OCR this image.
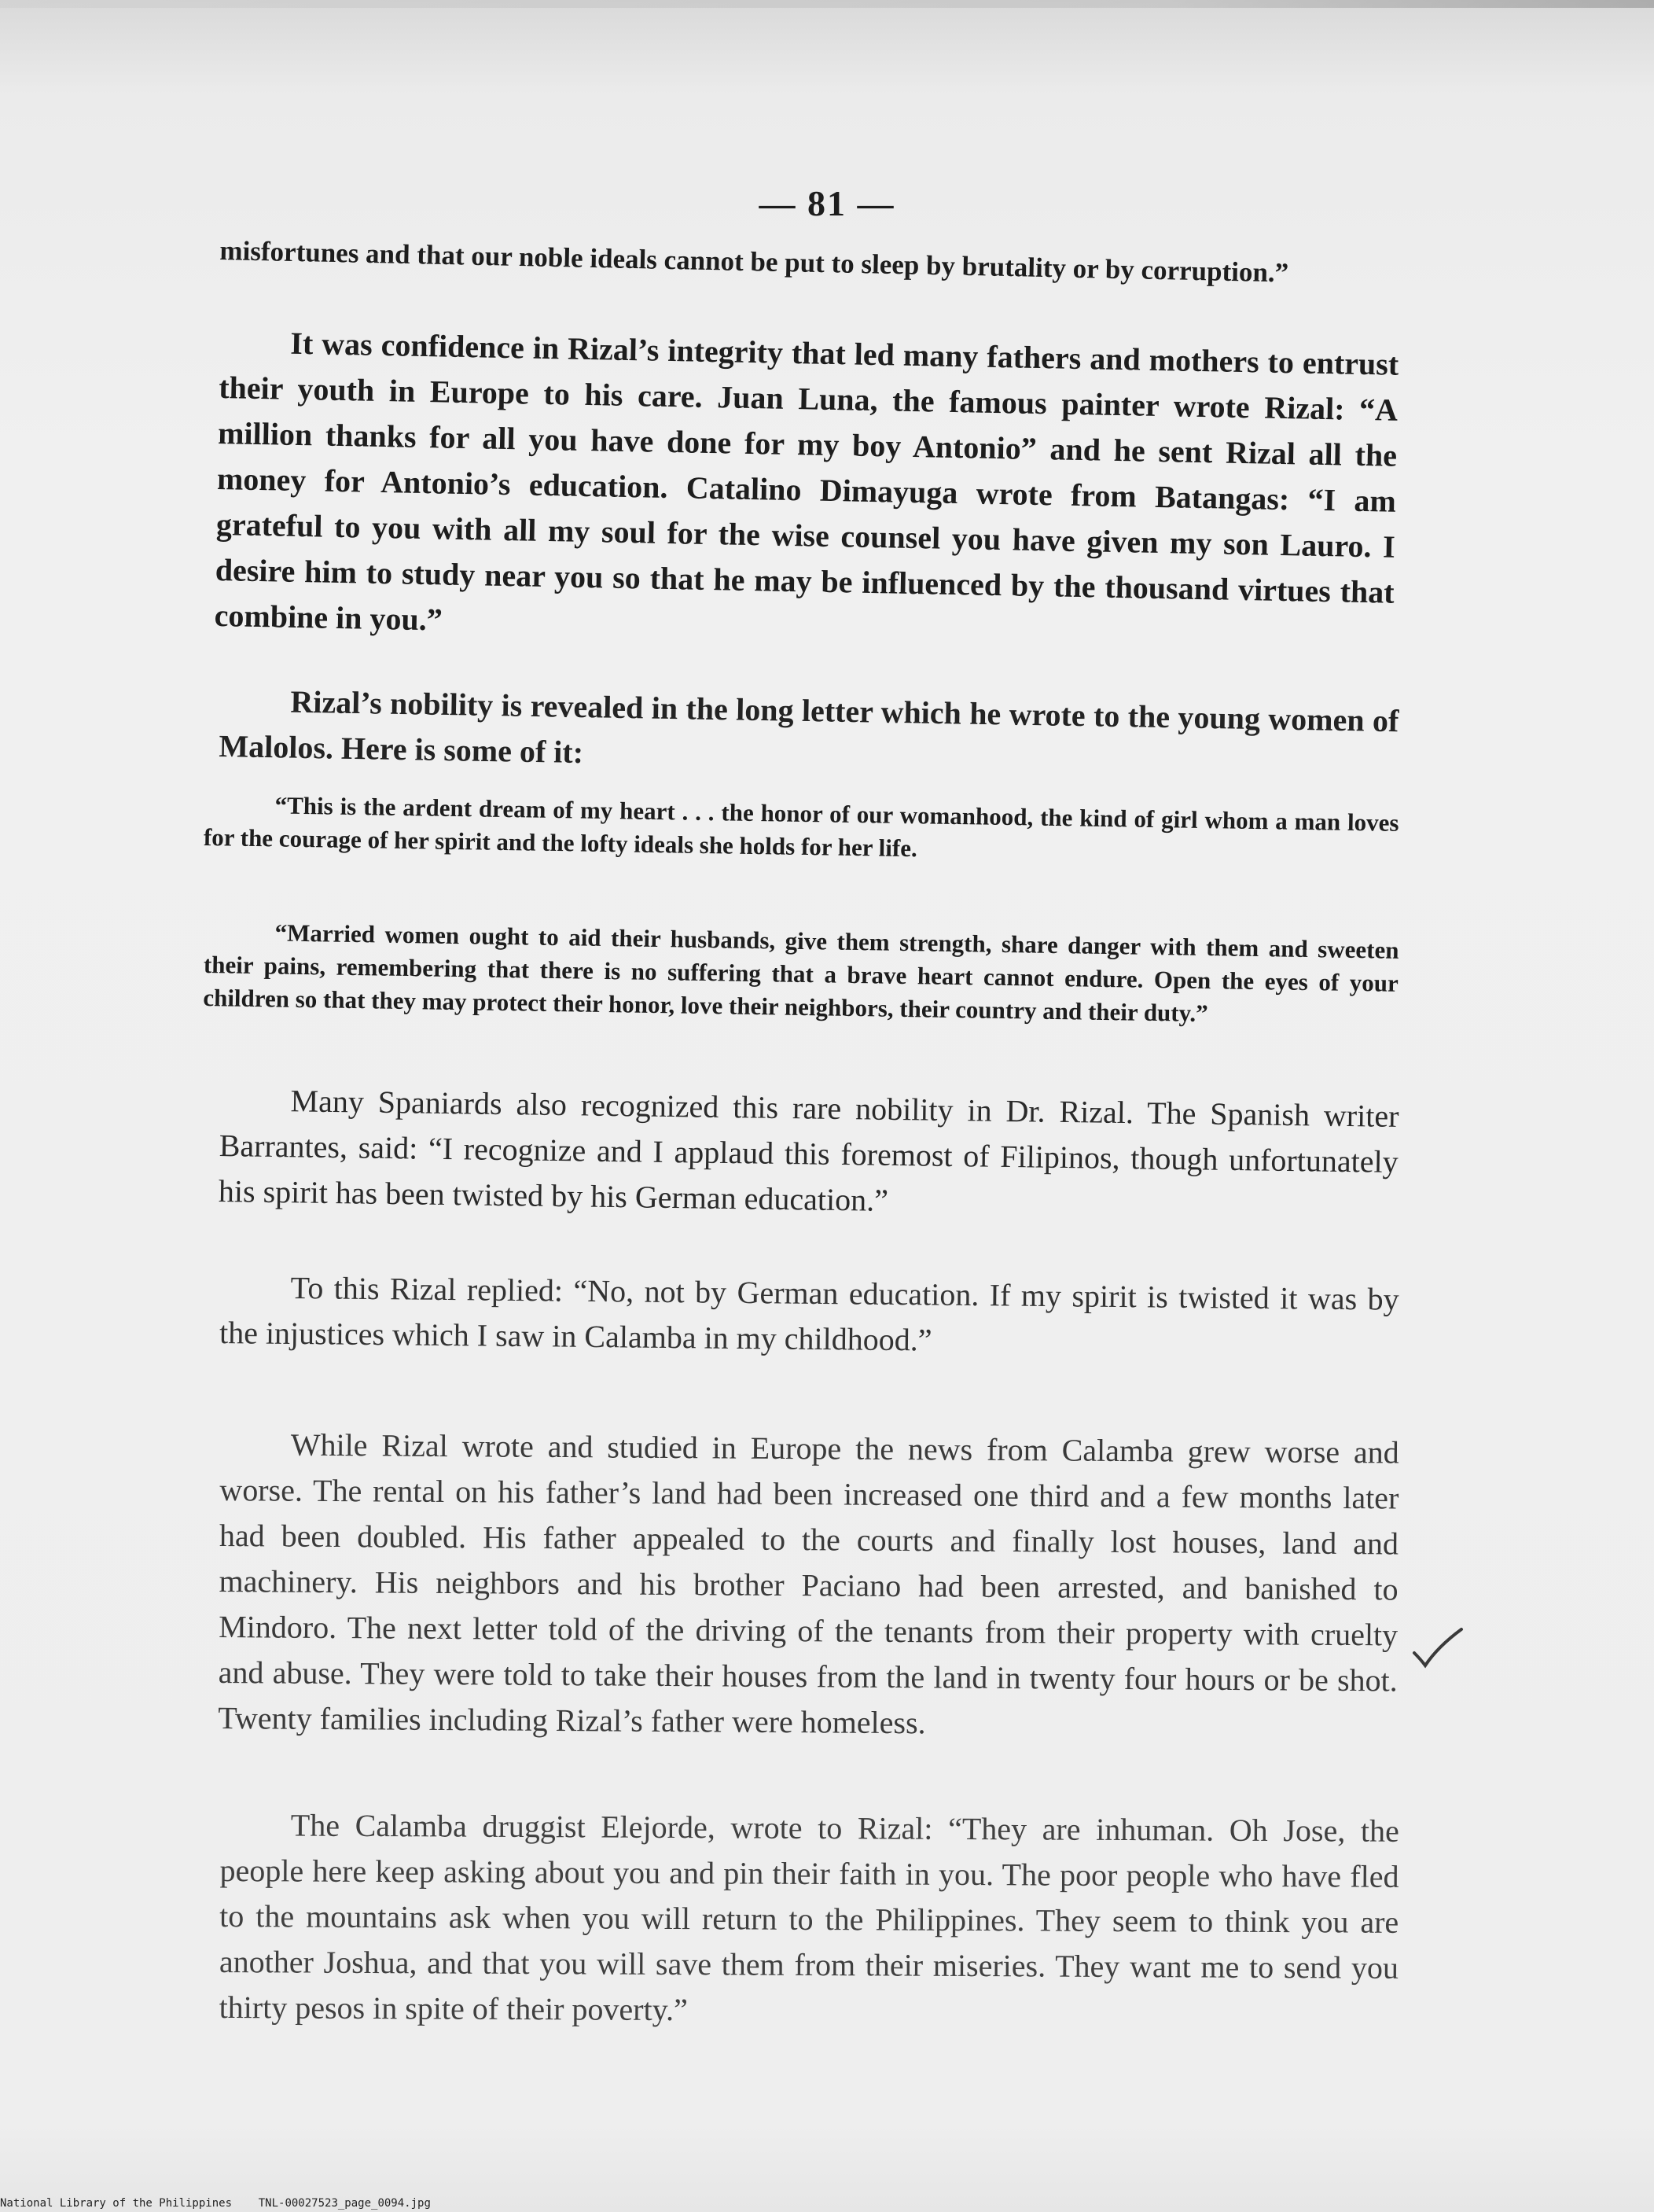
— 81 —

misfortunes and that our noble ideals cannot be put to sleep by brutality or by corruption.”

It was confidence in Rizal’s integrity that led many fathers and mothers to entrust their youth in Europe to his care. Juan Luna, the famous painter wrote Rizal: “A million thanks for all you have done for my boy Antonio” and he sent Rizal all the money for Antonio’s education. Catalino Dimayuga wrote from Batangas: “I am grateful to you with all my soul for the wise counsel you have given my son Lauro. I desire him to study near you so that he may be influenced by the thousand virtues that combine in you.”

Rizal’s nobility is revealed in the long letter which he wrote to the young women of Malolos. Here is some of it:

“This is the ardent dream of my heart . . . the honor of our womanhood, the kind of girl whom a man loves for the courage of her spirit and the lofty ideals she holds for her life.

“Married women ought to aid their husbands, give them strength, share danger with them and sweeten their pains, remembering that there is no suffering that a brave heart cannot endure. Open the eyes of your children so that they may protect their honor, love their neighbors, their country and their duty.”

Many Spaniards also recognized this rare nobility in Dr. Rizal. The Spanish writer Barrantes, said: “I recognize and I applaud this foremost of Filipinos, though unfortunately his spirit has been twisted by his German education.”

To this Rizal replied: “No, not by German education. If my spirit is twisted it was by the injustices which I saw in Calamba in my childhood.”

While Rizal wrote and studied in Europe the news from Calamba grew worse and worse. The rental on his father’s land had been increased one third and a few months later had been doubled. His father appealed to the courts and finally lost houses, land and machinery. His neighbors and his brother Paciano had been arrested, and banished to Mindoro. The next letter told of the driving of the tenants from their property with cruelty and abuse. They were told to take their houses from the land in twenty four hours or be shot. Twenty families including Rizal’s father were homeless.

The Calamba druggist Elejorde, wrote to Rizal: “They are inhuman. Oh Jose, the people here keep asking about you and pin their faith in you. The poor people who have fled to the mountains ask when you will return to the Philippines. They seem to think you are another Joshua, and that you will save them from their miseries. They want me to send you thirty pesos in spite of their poverty.”

National Library of the Philippines TNL-00027523_page_0094.jpg
